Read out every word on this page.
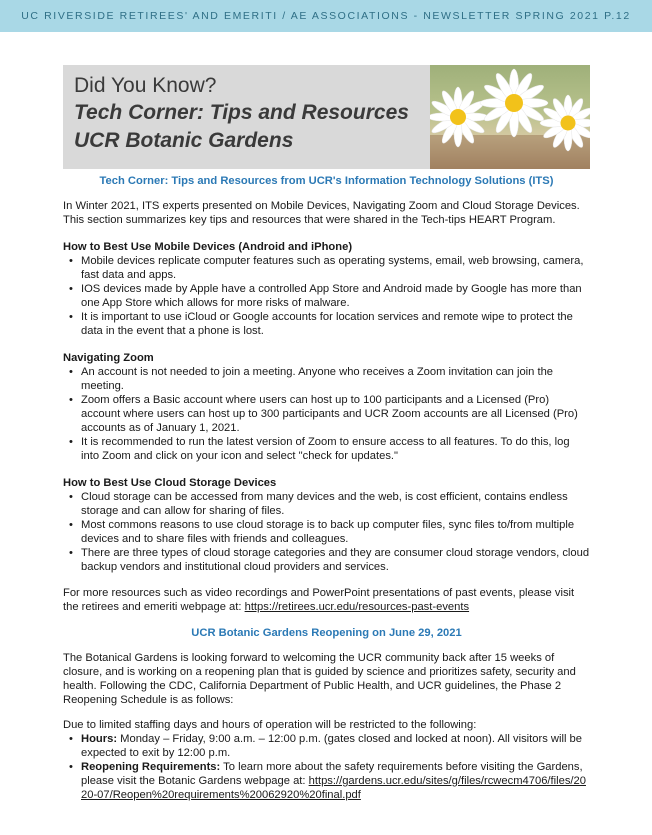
UC RIVERSIDE RETIREES' AND EMERITI / AE ASSOCIATIONS - NEWSLETTER SPRING 2021 P.12
Did You Know?
Tech Corner: Tips and Resources
UCR Botanic Gardens
Tech Corner: Tips and Resources from UCR's Information Technology Solutions (ITS)

In Winter 2021, ITS experts presented on Mobile Devices, Navigating Zoom and Cloud Storage Devices. This section summarizes key tips and resources that were shared in the Tech-tips HEART Program.

How to Best Use Mobile Devices (Android and iPhone)
• Mobile devices replicate computer features such as operating systems, email, web browsing, camera, fast data and apps.
• IOS devices made by Apple have a controlled App Store and Android made by Google has more than one App Store which allows for more risks of malware.
• It is important to use iCloud or Google accounts for location services and remote wipe to protect the data in the event that a phone is lost.
Navigating Zoom
• An account is not needed to join a meeting. Anyone who receives a Zoom invitation can join the meeting.
• Zoom offers a Basic account where users can host up to 100 participants and a Licensed (Pro) account where users can host up to 300 participants and UCR Zoom accounts are all Licensed (Pro) accounts as of January 1, 2021.
• It is recommended to run the latest version of Zoom to ensure access to all features. To do this, log into Zoom and click on your icon and select "check for updates."
How to Best Use Cloud Storage Devices
• Cloud storage can be accessed from many devices and the web, is cost efficient, contains endless storage and can allow for sharing of files.
• Most commons reasons to use cloud storage is to back up computer files, sync files to/from multiple devices and to share files with friends and colleagues.
• There are three types of cloud storage categories and they are consumer cloud storage vendors, cloud backup vendors and institutional cloud providers and services.

For more resources such as video recordings and PowerPoint presentations of past events, please visit the retirees and emeriti webpage at: https://retirees.ucr.edu/resources-past-events

UCR Botanic Gardens Reopening on June 29, 2021

The Botanical Gardens is looking forward to welcoming the UCR community back after 15 weeks of closure, and is working on a reopening plan that is guided by science and prioritizes safety, security and health. Following the CDC, California Department of Public Health, and UCR guidelines, the Phase 2 Reopening Schedule is as follows:

Due to limited staffing days and hours of operation will be restricted to the following:

• Hours: Monday – Friday, 9:00 a.m. – 12:00 p.m. (gates closed and locked at noon). All visitors will be expected to exit by 12:00 p.m.
• Reopening Requirements: To learn more about the safety requirements before visiting the Gardens, please visit the Botanic Gardens webpage at: https://gardens.ucr.edu/sites/g/files/rcwecm4706/files/2020-07/Reopen%20requirements%20062920%20final.pdf
